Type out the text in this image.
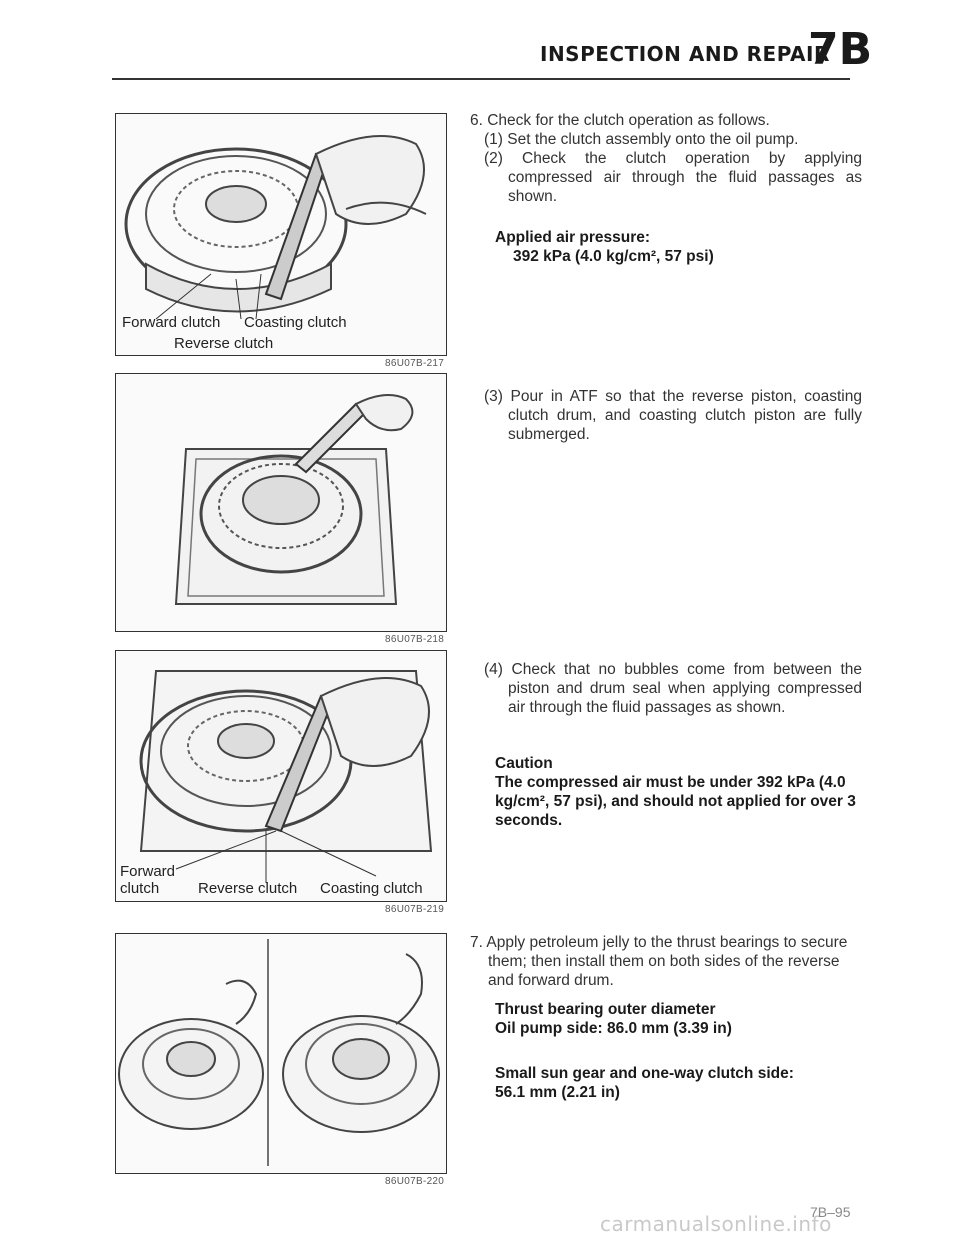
INSPECTION AND REPAIR
7B
Forward clutch Coasting clutch
Reverse clutch
86U07B-217
86U07B-218
Forward
clutch	Reverse clutch Coasting clutch
86U07B-219
86U07B-220

6. Check for the clutch operation as follows.

(1) Set the clutch assembly onto the oil pump.

(2) Check the clutch operation by applying compressed air through the fluid passages as shown.

Applied air pressure:
392 kPa (4.0 kg/cm², 57 psi)

(3) Pour in ATF so that the reverse piston, coasting clutch drum, and coasting clutch piston are fully submerged.

(4) Check that no bubbles come from between the piston and drum seal when applying compressed air through the fluid passages as shown.

Caution
The compressed air must be under 392 kPa (4.0 kg/cm², 57 psi), and should not applied for over 3 seconds.

7. Apply petroleum jelly to the thrust bearings to secure them; then install them on both sides of the reverse and forward drum.

Thrust bearing outer diameter
Oil pump side: 86.0 mm (3.39 in)
Small sun gear and one-way clutch side:
56.1 mm (2.21 in)
carmanualsonline.info
7B–95
